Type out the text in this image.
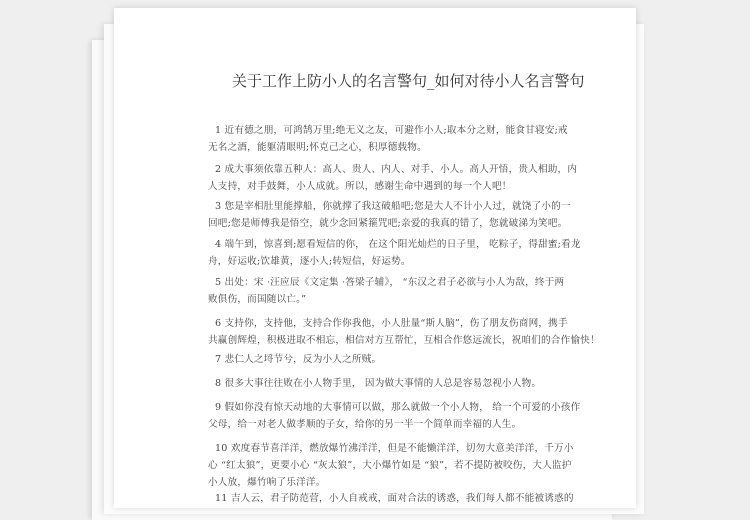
关于工作上防小人的名言警句_如何对待小人名言警句
1 近有德之朋，可鸿鹄万里;绝无义之友，可避作小人;取本分之财，能食甘寝安;戒
无名之酒，能躯清眼明;怀克己之心，积厚德载物。
2 成大事须依靠五种人：高人、贵人、内人、对手、小人。高人开悟，贵人相助，内
人支持，对手鼓舞，小人成就。所以，感谢生命中遇到的每一个人吧！
3 您是宰相肚里能撑船，你就撑了我这破船吧;您是大人不计小人过，就饶了小的一
回吧;您是师傅我是悟空，就少念回紧箍咒吧;亲爱的我真的错了，您就破涕为笑吧。
4 端午到，惊喜到;愿看短信的你， 在这个阳光灿烂的日子里， 吃粽子，得甜蜜;看龙
舟，好运收;饮雄黄，逐小人;转短信，好运势。
5 出处：宋 ·汪应辰《文定集 ·答梁子辅》， “东汉之君子必欲与小人为敌，终于两
败俱伤，而国随以亡。”
6 支持你，支持他，支持合作你我他，小人肚量“斯人脑”，伤了朋友伤商网，携手
共赢创辉煌，积极进取不相忘，相信对方互帮忙，互相合作悠远流长，祝咱们的合作愉快！
7 悲仁人之埒节兮，反为小人之所贼。
8 很多大事往往败在小人物手里， 因为做大事情的人总是容易忽视小人物。
9 假如你没有惊天动地的大事情可以做，那么就做一个小人物， 给一个可爱的小孩作
父母，给一对老人做孝顺的子女，给你的另一半一个简单而幸福的人生。
10 欢度春节喜洋洋，燃放爆竹沸洋洋，但是不能懒洋洋，切勿大意美洋洋，千万小
心 “红太狼”，更要小心 “灰太狼”，大小爆竹如是 “狼”，若不提防被咬伤，大人监护
小人放，爆竹响了乐洋洋。
11 吉人云，君子防范营，小人自戒戒，面对合法的诱惑，我们每人都不能被诱惑的
